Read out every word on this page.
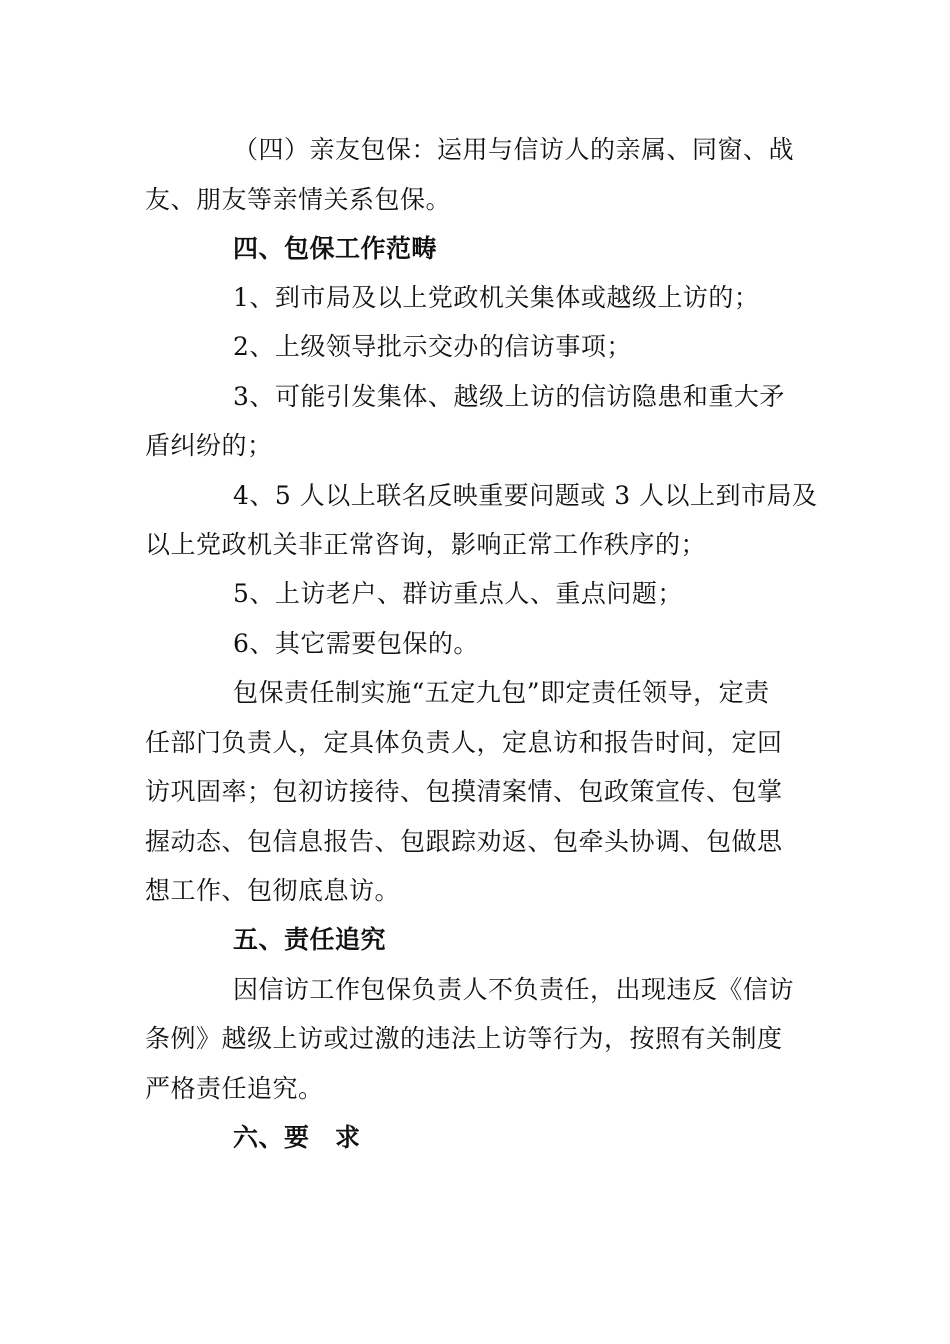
（四）亲友包保：运用与信访人的亲属、同窗、战
友、朋友等亲情关系包保。
四、包保工作范畴
1、到市局及以上党政机关集体或越级上访的；
2、上级领导批示交办的信访事项；
3、可能引发集体、越级上访的信访隐患和重大矛
盾纠纷的；
4、5 人以上联名反映重要问题或 3 人以上到市局及
以上党政机关非正常咨询，影响正常工作秩序的；
5、上访老户、群访重点人、重点问题；
6、其它需要包保的。
包保责任制实施“五定九包”即定责任领导，定责
任部门负责人，定具体负责人，定息访和报告时间，定回
访巩固率；包初访接待、包摸清案情、包政策宣传、包掌
握动态、包信息报告、包跟踪劝返、包牵头协调、包做思
想工作、包彻底息访。
五、责任追究
因信访工作包保负责人不负责任，出现违反《信访
条例》越级上访或过激的违法上访等行为，按照有关制度
严格责任追究。
六、要　求
